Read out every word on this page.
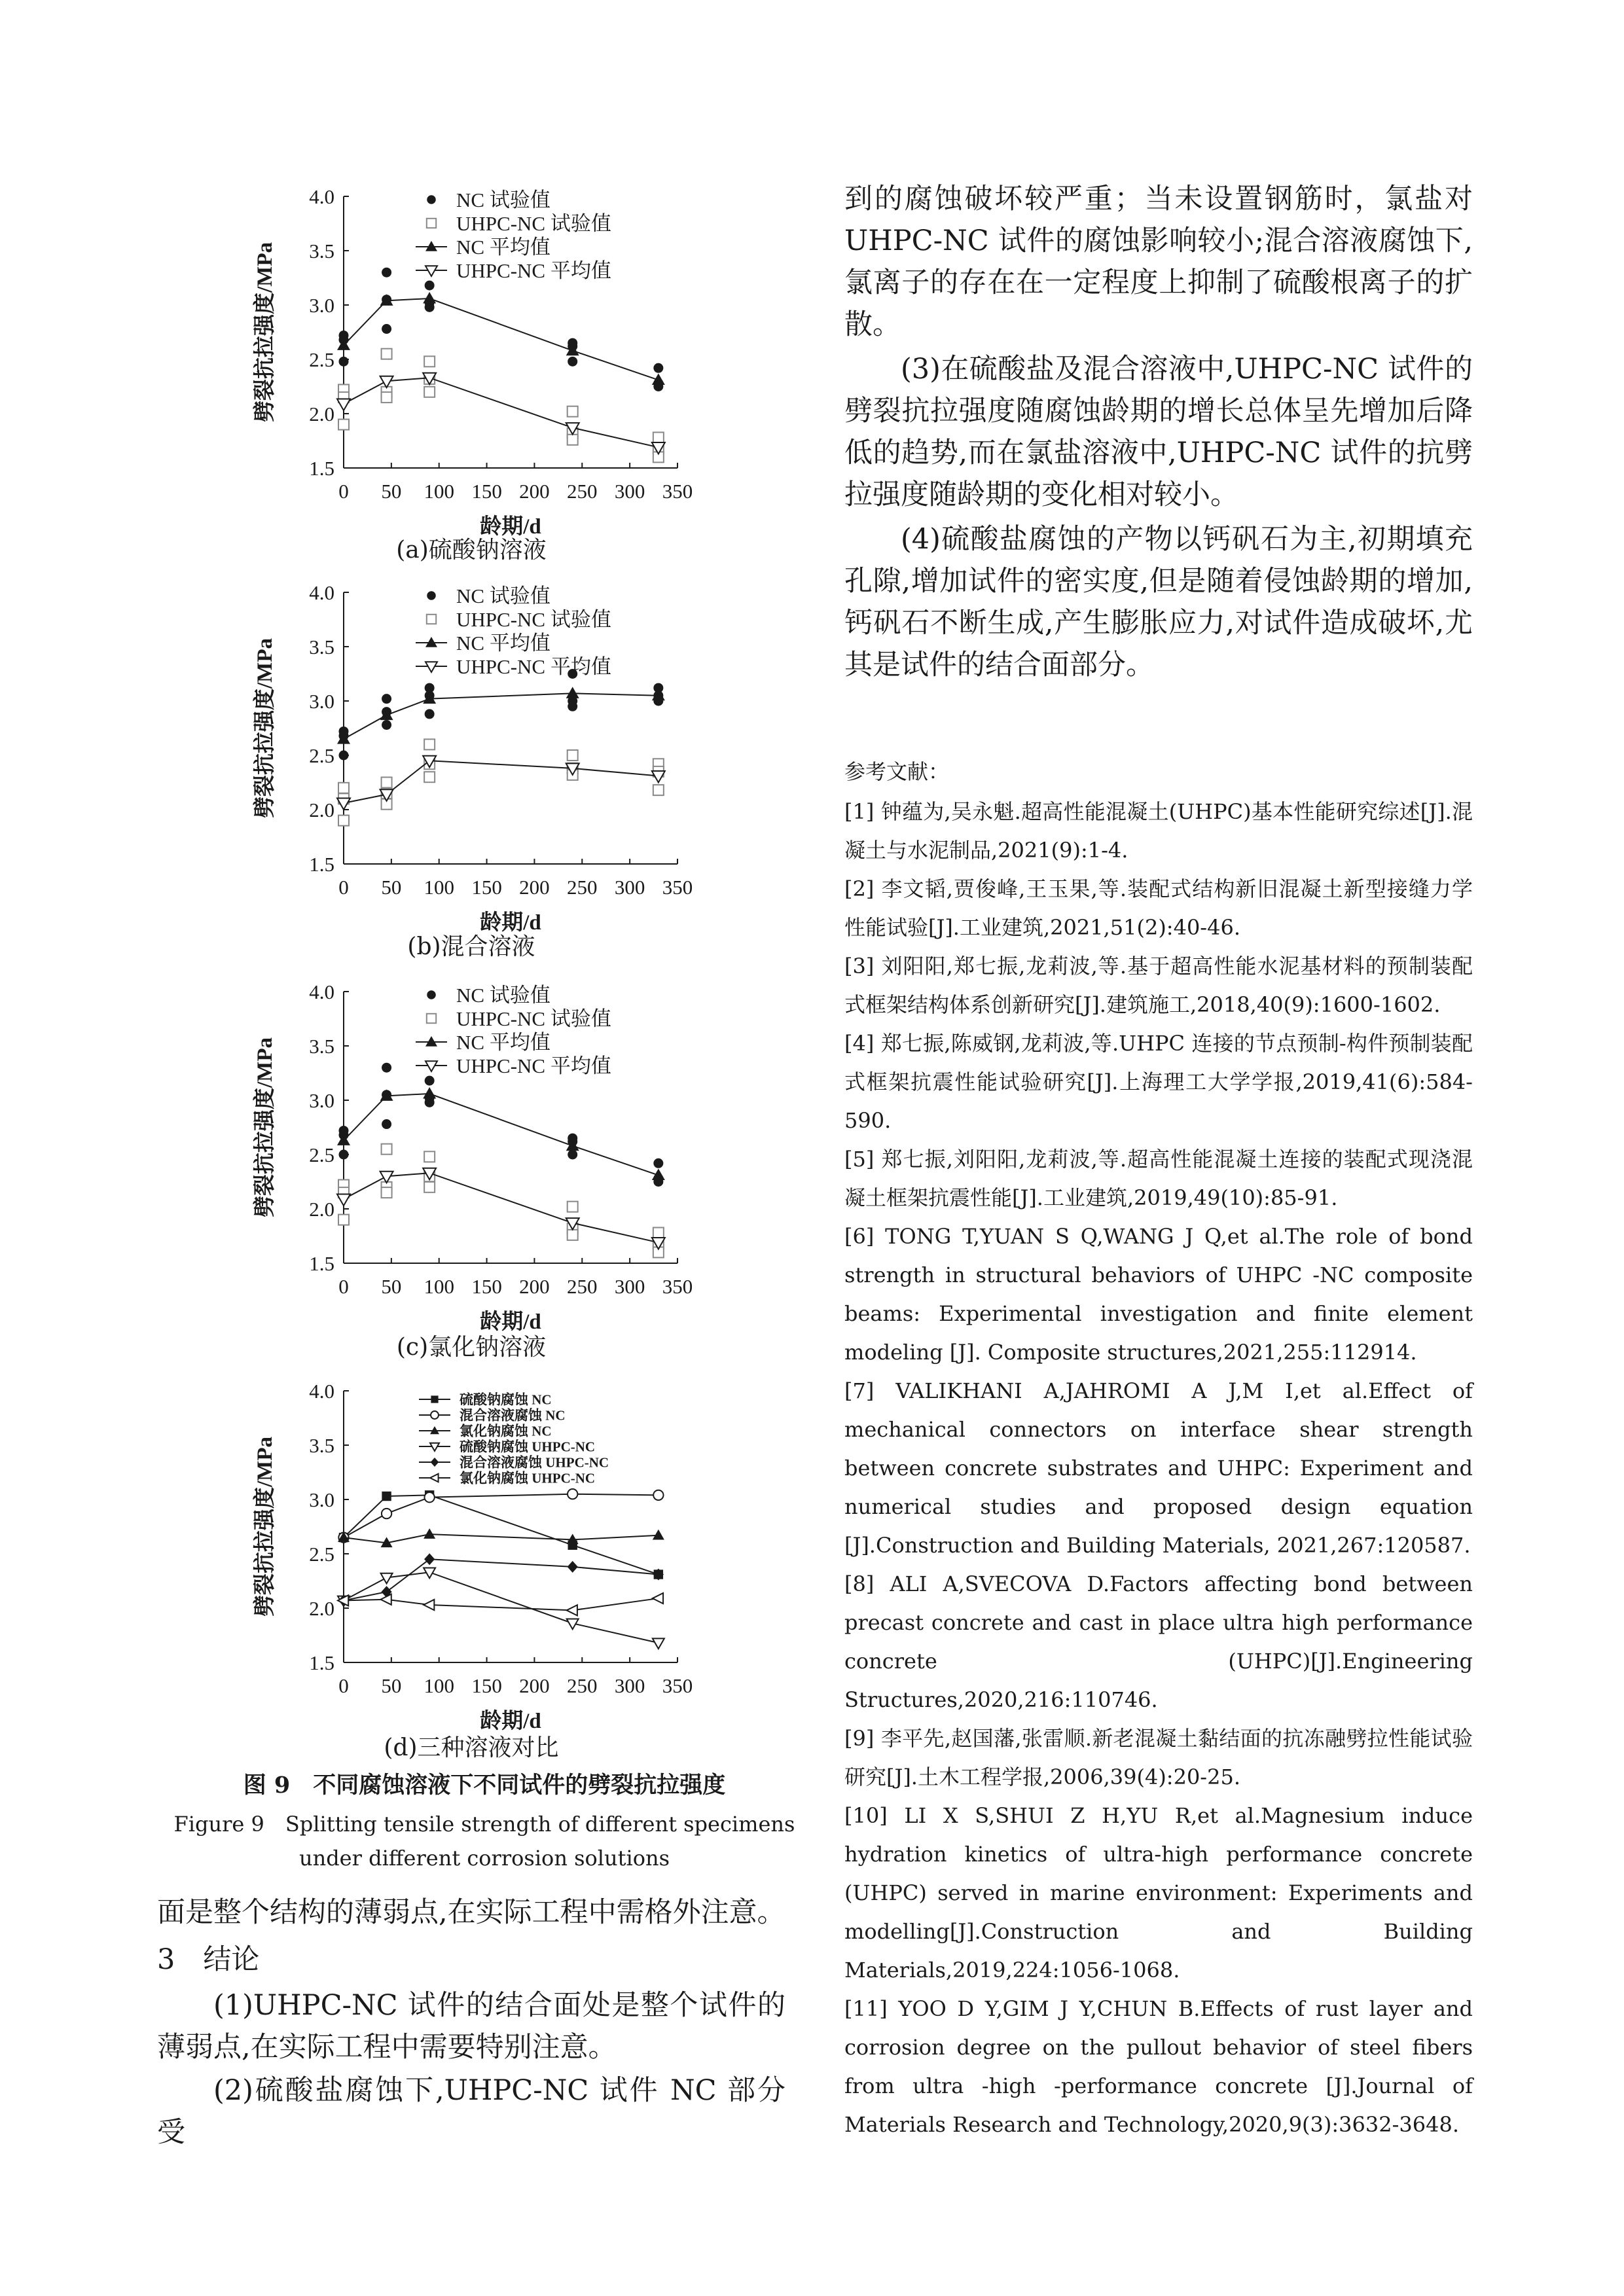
0 50 100 150 200 250 300 350
1.5
2.0
2.5
3.0
3.5
4.0
龄期/d
劈裂抗拉强度/MPa
NC 试验值
UHPC-NC 试验值
NC 平均值
UHPC-NC 平均值
(a)硫酸钠溶液
0 50 100 150 200 250 300 350
1.5
2.0
2.5
3.0
3.5
4.0
龄期/d
劈裂抗拉强度/MPa
NC 试验值
UHPC-NC 试验值
NC 平均值
UHPC-NC 平均值
(b)混合溶液
0 50 100 150 200 250 300 350
1.5
2.0
2.5
3.0
3.5
4.0
龄期/d
劈裂抗拉强度/MPa
NC 试验值
UHPC-NC 试验值
NC 平均值
UHPC-NC 平均值
(c)氯化钠溶液
0 50 100 150 200 250 300 350
1.5
2.0
2.5
3.0
3.5
4.0
龄期/d
劈裂抗拉强度/MPa
硫酸钠腐蚀 NC
混合溶液腐蚀 NC
氯化钠腐蚀 NC
硫酸钠腐蚀 UHPC-NC
混合溶液腐蚀 UHPC-NC
氯化钠腐蚀 UHPC-NC
(d)三种溶液对比
图 9　不同腐蚀溶液下不同试件的劈裂抗拉强度
Figure 9　Splitting tensile strength of different specimens
under different corrosion solutions
面是整个结构的薄弱点,在实际工程中需格外注意。
3　结论
(1)UHPC-NC 试件的结合面处是整个试件的薄弱点,在实际工程中需要特别注意。
(2)硫酸盐腐蚀下,UHPC-NC 试件 NC 部分受
到的腐蚀破坏较严重；当未设置钢筋时，氯盐对UHPC-NC 试件的腐蚀影响较小;混合溶液腐蚀下,氯离子的存在在一定程度上抑制了硫酸根离子的扩散。
(3)在硫酸盐及混合溶液中,UHPC-NC 试件的劈裂抗拉强度随腐蚀龄期的增长总体呈先增加后降低的趋势,而在氯盐溶液中,UHPC-NC 试件的抗劈拉强度随龄期的变化相对较小。
(4)硫酸盐腐蚀的产物以钙矾石为主,初期填充孔隙,增加试件的密实度,但是随着侵蚀龄期的增加,钙矾石不断生成,产生膨胀应力,对试件造成破坏,尤其是试件的结合面部分。
参考文献：

[1] 钟蕴为,吴永魁.超高性能混凝土(UHPC)基本性能研究综述[J].混凝土与水泥制品,2021(9):1-4.

[2] 李文韬,贾俊峰,王玉果,等.装配式结构新旧混凝土新型接缝力学性能试验[J].工业建筑,2021,51(2):40-46.

[3] 刘阳阳,郑七振,龙莉波,等.基于超高性能水泥基材料的预制装配式框架结构体系创新研究[J].建筑施工,2018,40(9):1600-1602.

[4] 郑七振,陈威钢,龙莉波,等.UHPC 连接的节点预制-构件预制装配式框架抗震性能试验研究[J].上海理工大学学报,2019,41(6):584-590.

[5] 郑七振,刘阳阳,龙莉波,等.超高性能混凝土连接的装配式现浇混凝土框架抗震性能[J].工业建筑,2019,49(10):85-91.

[6] TONG T,YUAN S Q,WANG J Q,et al.The role of bond strength in structural behaviors of UHPC -NC composite beams: Experimental investigation and finite element modeling [J]. Composite structures,2021,255:112914.

[7] VALIKHANI A,JAHROMI A J,M I,et al.Effect of mechanical connectors on interface shear strength between concrete substrates and UHPC: Experiment and numerical studies and proposed design equation [J].Construction and Building Materials, 2021,267:120587.

[8] ALI A,SVECOVA D.Factors affecting bond between precast concrete and cast in place ultra high performance concrete (UHPC)[J].Engineering Structures,2020,216:110746.

[9] 李平先,赵国藩,张雷顺.新老混凝土黏结面的抗冻融劈拉性能试验研究[J].土木工程学报,2006,39(4):20-25.

[10] LI X S,SHUI Z H,YU R,et al.Magnesium induce hydration kinetics of ultra-high performance concrete (UHPC) served in marine environment: Experiments and modelling[J].Construction and Building Materials,2019,224:1056-1068.

[11] YOO D Y,GIM J Y,CHUN B.Effects of rust layer and corrosion degree on the pullout behavior of steel fibers from ultra -high -performance concrete [J].Journal of Materials Research and Technology,2020,9(3):3632-3648.
